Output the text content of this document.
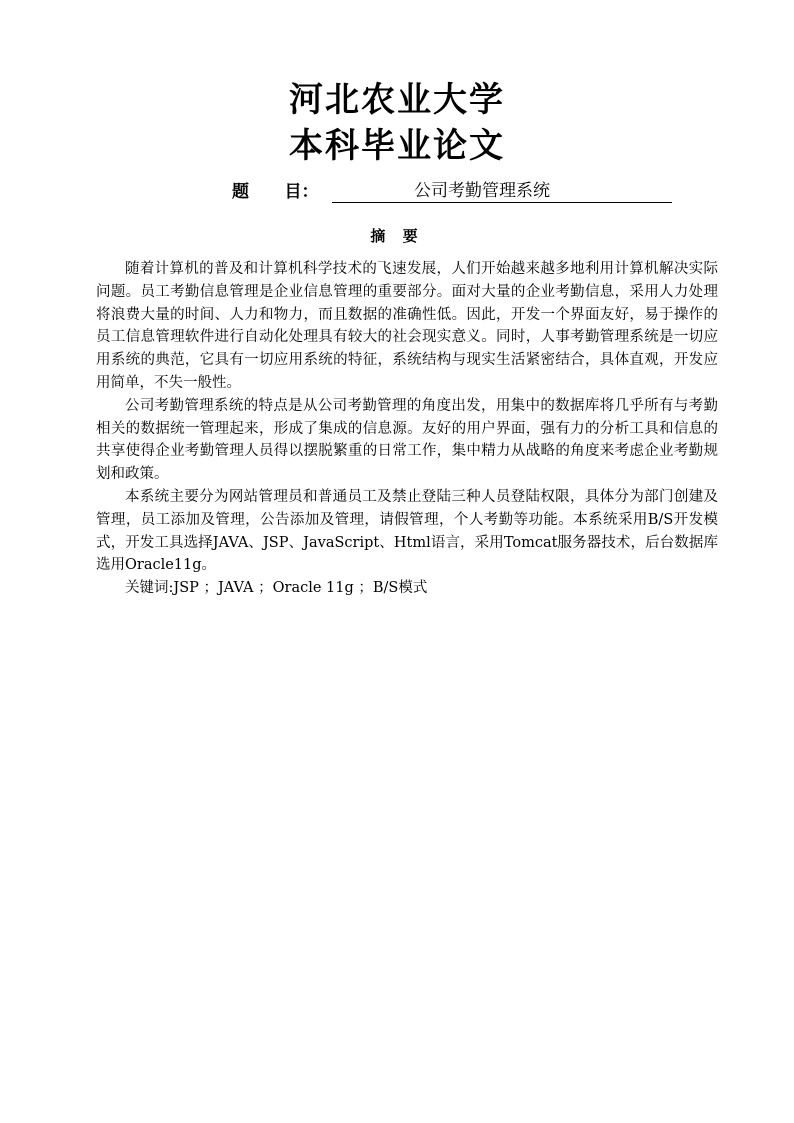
河北农业大学
本科毕业论文
题      目：	公司考勤管理系统
摘 要

随着计算机的普及和计算机科学技术的飞速发展，人们开始越来越多地利用计算机解决实际问题。员工考勤信息管理是企业信息管理的重要部分。面对大量的企业考勤信息，采用人力处理将浪费大量的时间、人力和物力，而且数据的准确性低。因此，开发一个界面友好，易于操作的员工信息管理软件进行自动化处理具有较大的社会现实意义。同时，人事考勤管理系统是一切应用系统的典范，它具有一切应用系统的特征，系统结构与现实生活紧密结合，具体直观，开发应用简单，不失一般性。

公司考勤管理系统的特点是从公司考勤管理的角度出发，用集中的数据库将几乎所有与考勤相关的数据统一管理起来，形成了集成的信息源。友好的用户界面，强有力的分析工具和信息的共享使得企业考勤管理人员得以摆脱繁重的日常工作，集中精力从战略的角度来考虑企业考勤规划和政策。

本系统主要分为网站管理员和普通员工及禁止登陆三种人员登陆权限，具体分为部门创建及管理，员工添加及管理，公告添加及管理，请假管理，个人考勤等功能。本系统采用B/S开发模式，开发工具选择JAVA、JSP、JavaScript、Html语言，采用Tomcat服务器技术，后台数据库选用Oracle11g。

关键词:JSP ；JAVA ；Oracle 11g ；B/S模式
